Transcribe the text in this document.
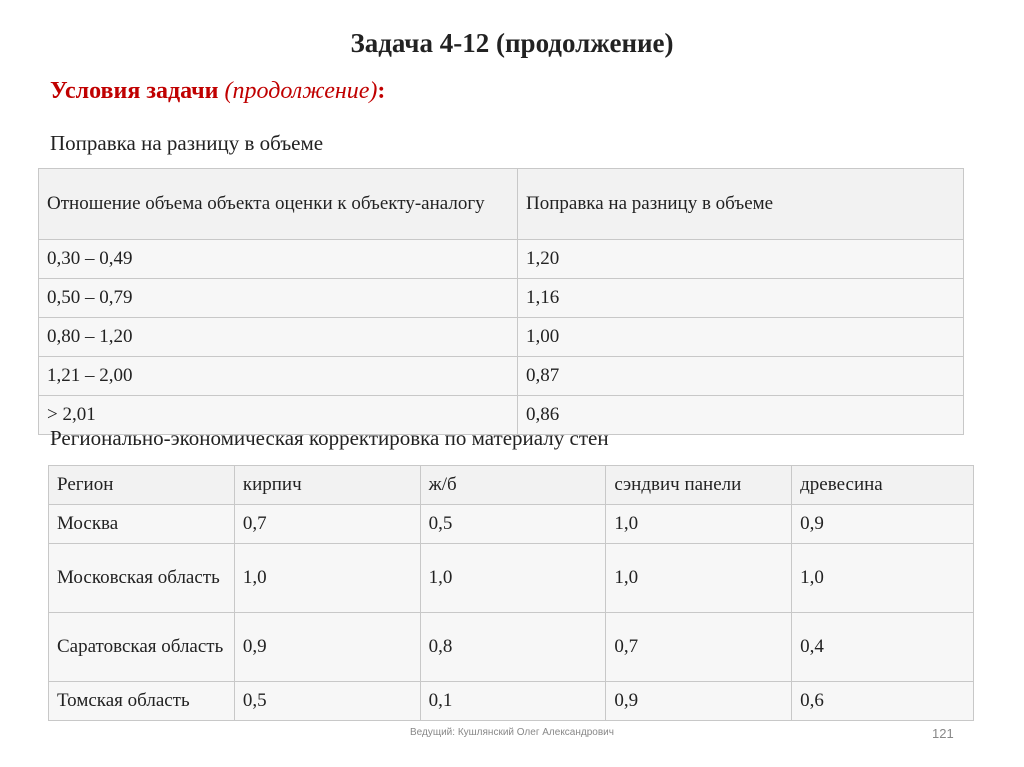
Задача 4-12 (продолжение)
Условия задачи (продолжение):
Поправка на разницу в объеме
Отношение объема объекта оценки к объекту-аналогу	Поправка на разницу в объеме
0,30 – 0,49	1,20
0,50 – 0,79	1,16
0,80 – 1,20	1,00
1,21 – 2,00	0,87
> 2,01	0,86
Регионально-экономическая корректировка по материалу стен
Регион	кирпич	ж/б	сэндвич панели	древесина
Москва	0,7	0,5	1,0	0,9
Московская область	1,0	1,0	1,0	1,0
Саратовская область	0,9	0,8	0,7	0,4
Томская область	0,5	0,1	0,9	0,6
Ведущий: Кушлянский Олег Александрович	121
